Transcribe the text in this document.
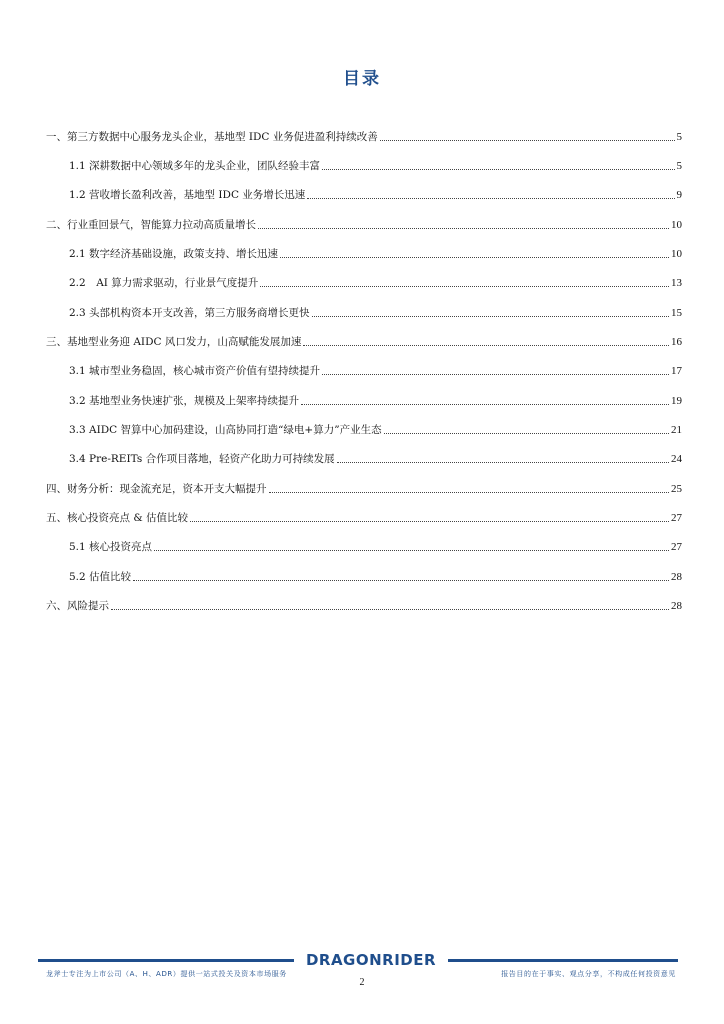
目录
一、第三方数据中心服务龙头企业，基地型 IDC 业务促进盈利持续改善	5
1.1 深耕数据中心领域多年的龙头企业，团队经验丰富	5
1.2 营收增长盈利改善，基地型 IDC 业务增长迅速	9
二、行业重回景气，智能算力拉动高质量增长	10
2.1 数字经济基础设施，政策支持、增长迅速	10
2.2　AI 算力需求驱动，行业景气度提升	13
2.3 头部机构资本开支改善，第三方服务商增长更快	15
三、基地型业务迎 AIDC 风口发力，山高赋能发展加速	16
3.1 城市型业务稳固，核心城市资产价值有望持续提升	17
3.2 基地型业务快速扩张，规模及上架率持续提升	19
3.3 AIDC 智算中心加码建设，山高协同打造“绿电+算力”产业生态	21
3.4 Pre-REITs 合作项目落地，轻资产化助力可持续发展	24
四、财务分析：现金流充足，资本开支大幅提升	25
五、核心投资亮点 & 估值比较	27
5.1 核心投资亮点	27
5.2 估值比较	28
六、风险提示	28
DRAGONRIDER
龙斧士专注为上市公司（A、H、ADR）提供一站式投关及资本市场服务	报告目的在于事实、观点分享，不构成任何投资意见
2
